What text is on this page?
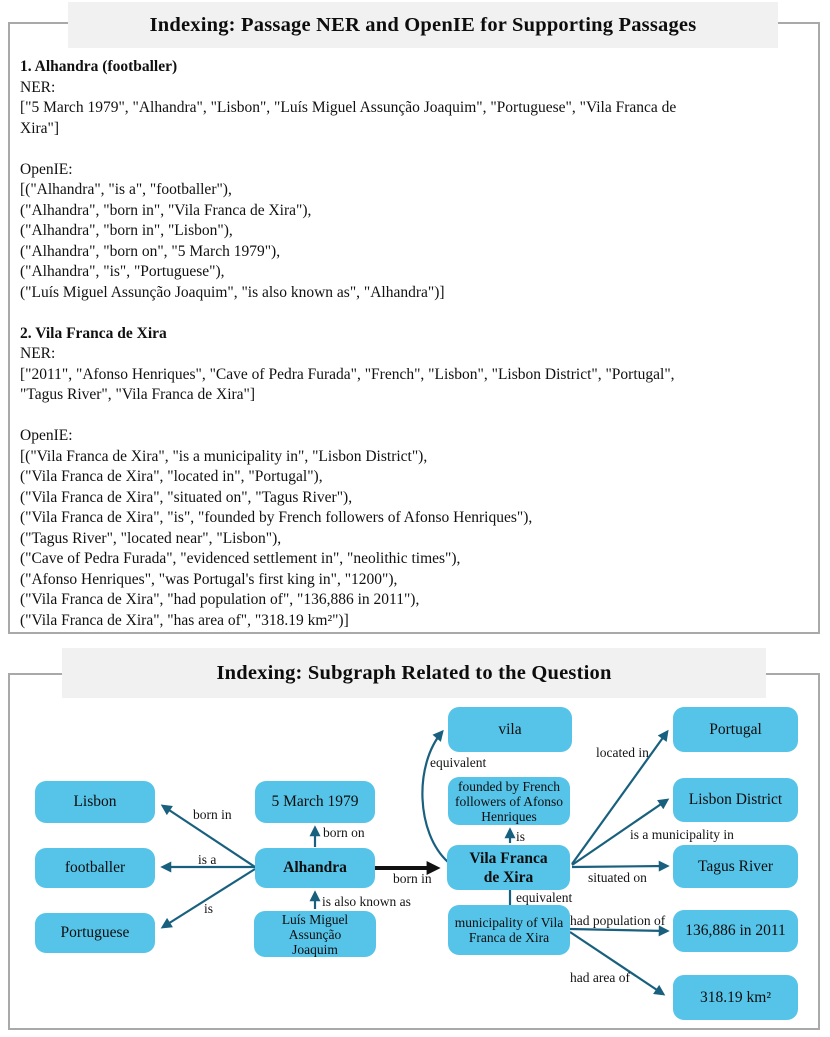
Indexing: Passage NER and OpenIE for Supporting Passages
1. Alhandra (footballer)
NER:
["5 March 1979", "Alhandra", "Lisbon", "Luís Miguel Assunção Joaquim", "Portuguese", "Vila Franca de
Xira"]
OpenIE:
[("Alhandra", "is a", "footballer"),
("Alhandra", "born in", "Vila Franca de Xira"),
("Alhandra", "born in", "Lisbon"),
("Alhandra", "born on", "5 March 1979"),
("Alhandra", "is", "Portuguese"),
("Luís Miguel Assunção Joaquim", "is also known as", "Alhandra")]
2. Vila Franca de Xira
NER:
["2011", "Afonso Henriques", "Cave of Pedra Furada", "French", "Lisbon", "Lisbon District", "Portugal",
"Tagus River", "Vila Franca de Xira"]
OpenIE:
[("Vila Franca de Xira", "is a municipality in", "Lisbon District"),
("Vila Franca de Xira", "located in", "Portugal"),
("Vila Franca de Xira", "situated on", "Tagus River"),
("Vila Franca de Xira", "is", "founded by French followers of Afonso Henriques"),
("Tagus River", "located near", "Lisbon"),
("Cave of Pedra Furada", "evidenced settlement in", "neolithic times"),
("Afonso Henriques", "was Portugal's first king in", "1200"),
("Vila Franca de Xira", "had population of", "136,886 in 2011"),
("Vila Franca de Xira", "has area of", "318.19 km²")]
Indexing: Subgraph Related to the Question
Lisbon
footballer
Portuguese
5 March 1979
Alhandra
Luís Miguel Assunção Joaquim
vila
founded by French followers of Afonso Henriques
Vila Franca de Xira
municipality of Vila Franca de Xira
Portugal
Lisbon District
Tagus River
136,886 in 2011
318.19 km²
born in
is a
is
born on
is also known as
born in
equivalent
located in
is a municipality in
situated on
is
equivalent
had population of
had area of
